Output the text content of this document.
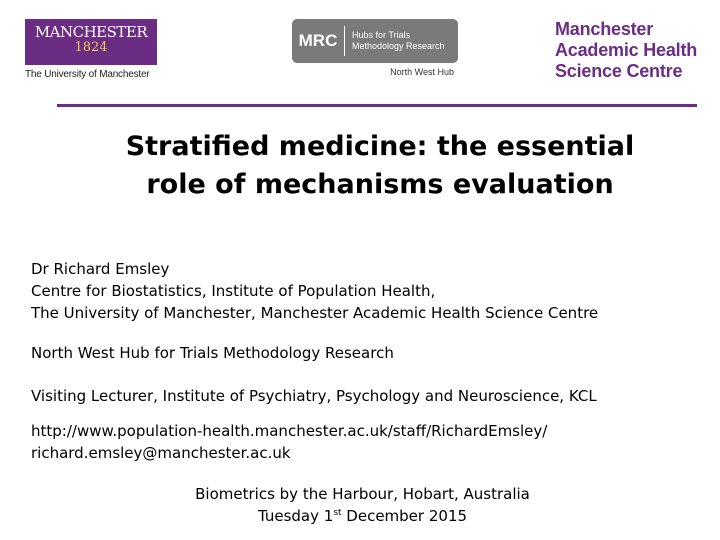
MANCHESTER
1824
The University of Manchester
MRC	Hubs for Trials
Methodology Research
North West Hub
Manchester
Academic Health
Science Centre
Stratified medicine: the essential
role of mechanisms evaluation
Dr Richard Emsley
Centre for Biostatistics, Institute of Population Health,
The University of Manchester, Manchester Academic Health Science Centre
North West Hub for Trials Methodology Research
Visiting Lecturer, Institute of Psychiatry, Psychology and Neuroscience, KCL
http://www.population-health.manchester.ac.uk/staff/RichardEmsley/
richard.emsley@manchester.ac.uk
Biometrics by the Harbour, Hobart, Australia
Tuesday 1st December 2015
